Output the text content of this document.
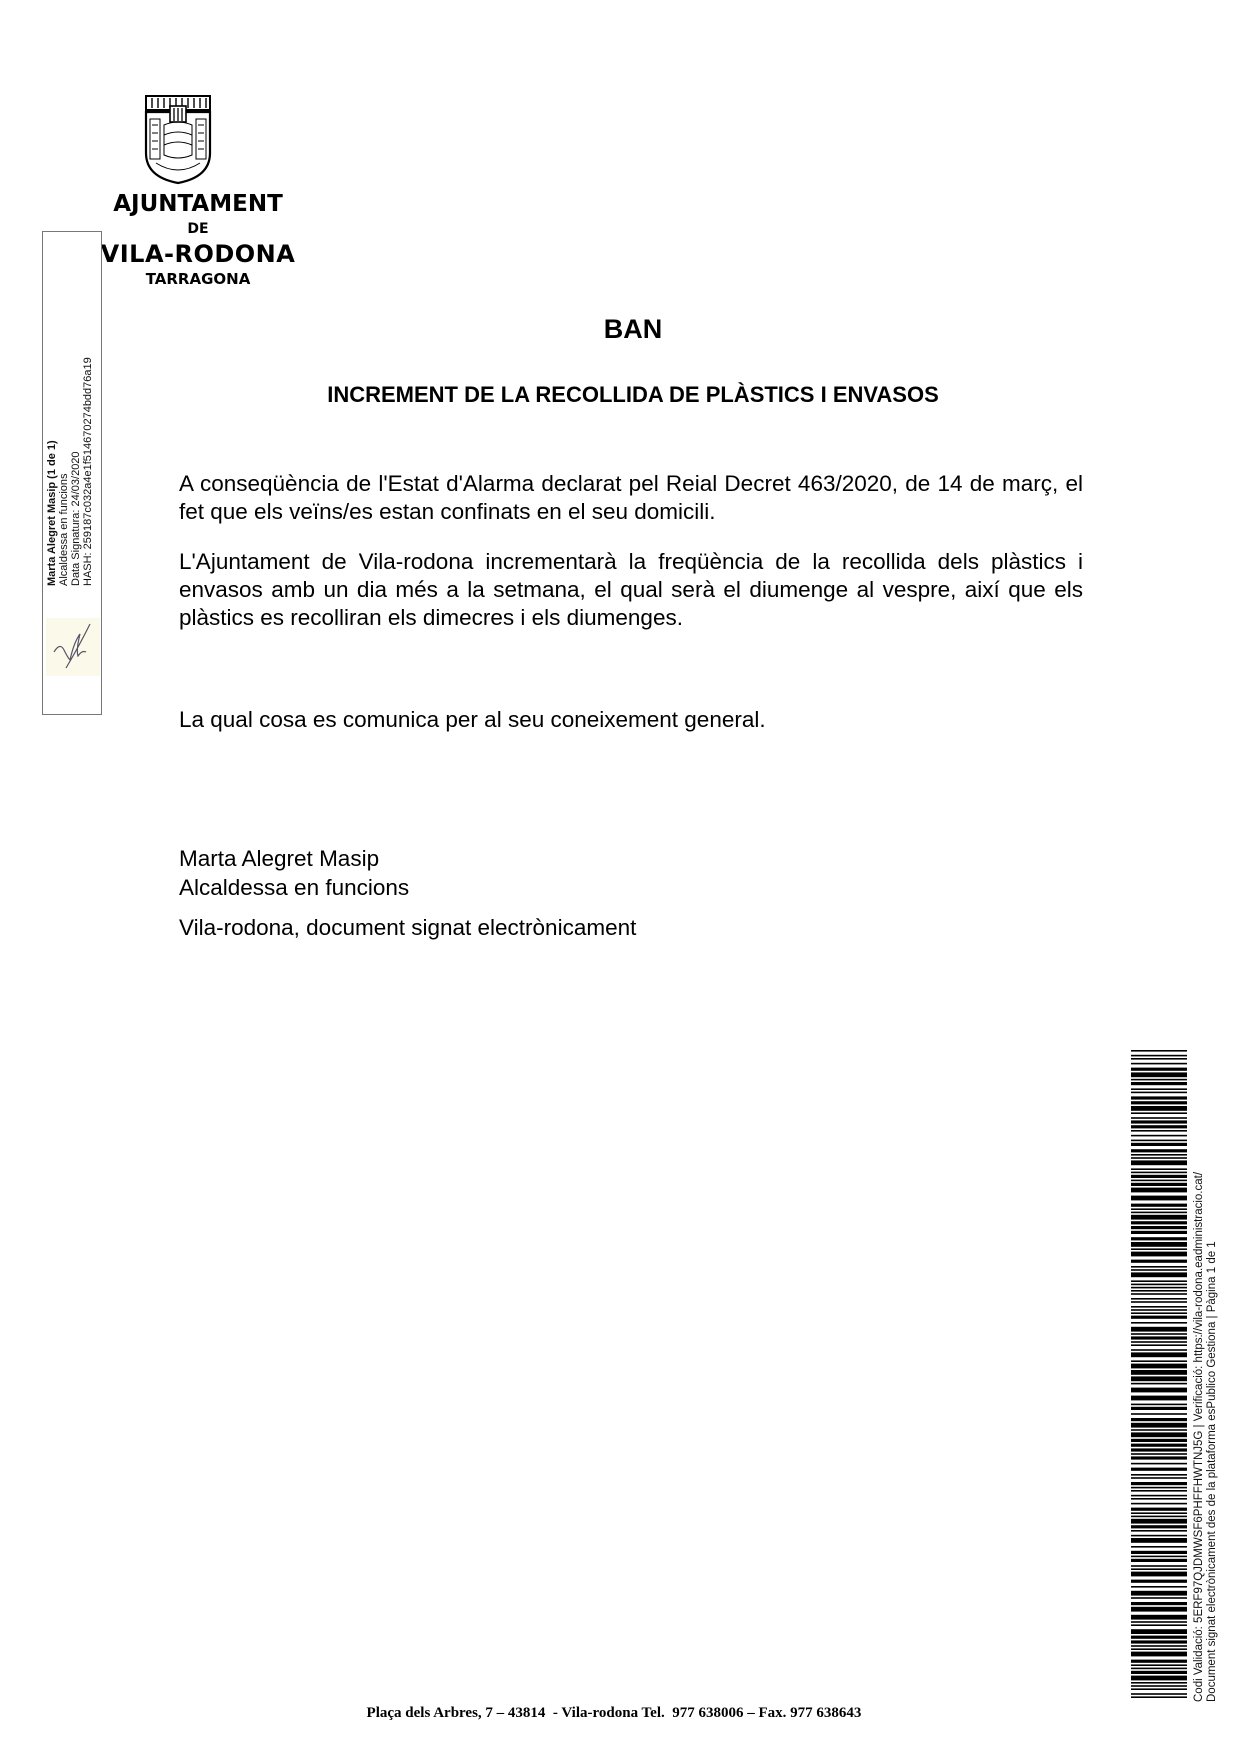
AJUNTAMENT
DE
VILA-RODONA
TARRAGONA
Marta Alegret Masip (1 de 1) Alcaldessa en funcions Data Signatura: 24/03/2020 HASH: 259187c032a4e1f514670274bdd76a19
BAN
INCREMENT DE LA RECOLLIDA DE PLÀSTICS I ENVASOS
A conseqüència de l'Estat d'Alarma declarat pel Reial Decret 463/2020, de 14 de març, el fet que els veïns/es estan confinats en el seu domicili.
L'Ajuntament de Vila-rodona incrementarà la freqüència de la recollida dels plàstics i envasos amb un dia més a la setmana, el qual serà el diumenge al vespre, així que els plàstics es recolliran els dimecres i els diumenges.
La qual cosa es comunica per al seu coneixement general.
Marta Alegret Masip
Alcaldessa en funcions
Vila-rodona, document signat electrònicament
Codi Validació: 5ERF97QJDMWSF6PHFFHWTNJ5G | Verificació: https://vila-rodona.eadministracio.cat/ Document signat electrònicament des de la plataforma esPublico Gestiona | Pàgina 1 de 1
Plaça dels Arbres, 7 – 43814  - Vila-rodona Tel.  977 638006 – Fax. 977 638643
